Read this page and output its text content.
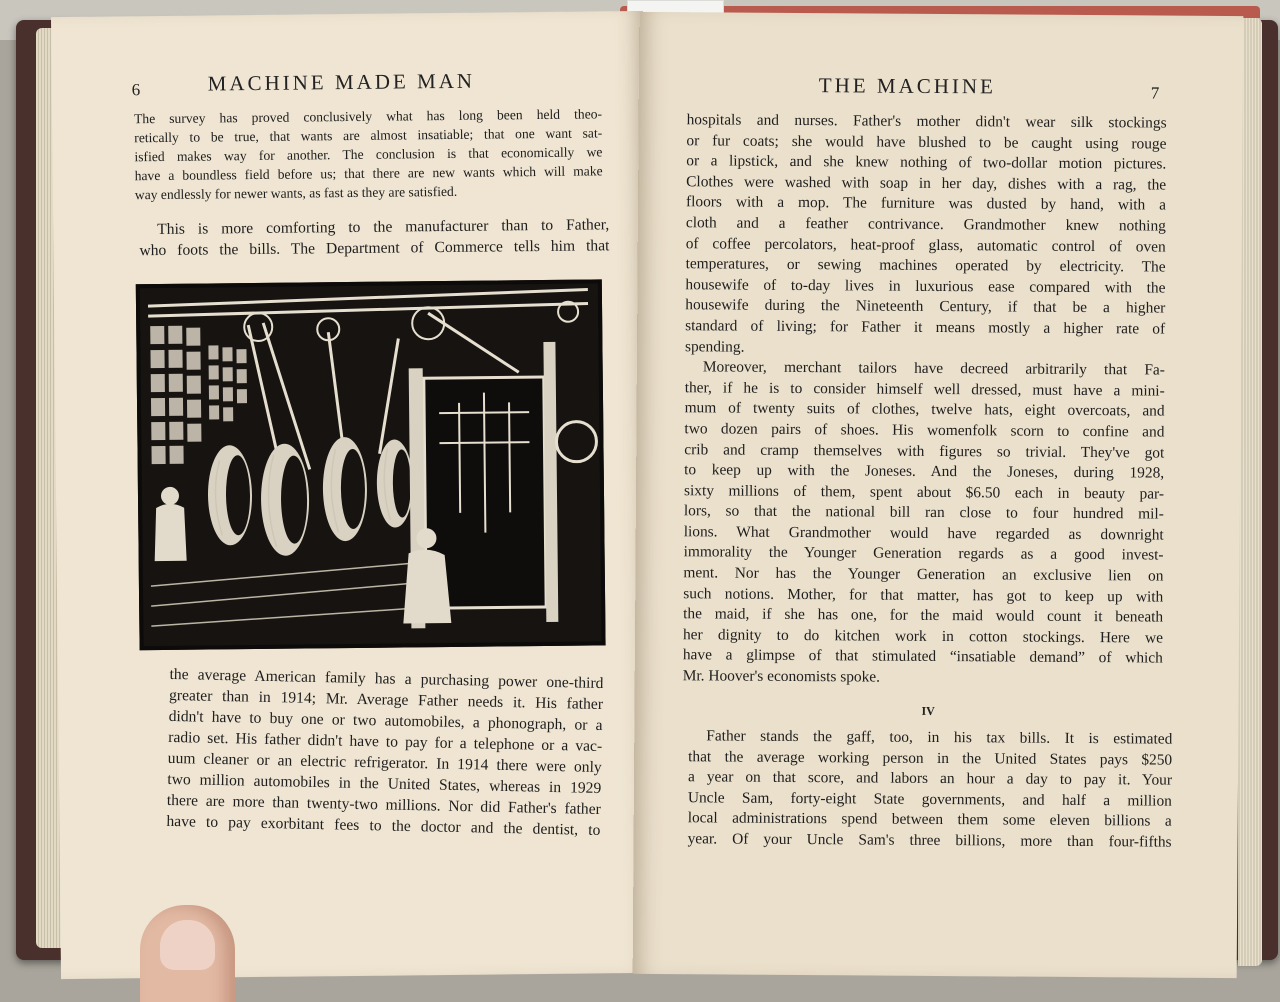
6	MACHINE MADE MAN
The survey has proved conclusively what has long been held theo-
retically to be true, that wants are almost insatiable; that one want sat-
isfied makes way for another. The conclusion is that economically we
have a boundless field before us; that there are new wants which will make
way endlessly for newer wants, as fast as they are satisfied.
This is more comforting to the manufacturer than to Father,
who foots the bills. The Department of Commerce tells him that
the average American family has a purchasing power one-third
greater than in 1914; Mr. Average Father needs it. His father
didn't have to buy one or two automobiles, a phonograph, or a
radio set. His father didn't have to pay for a telephone or a vac-
uum cleaner or an electric refrigerator. In 1914 there were only
two million automobiles in the United States, whereas in 1929
there are more than twenty-two millions. Nor did Father's father
have to pay exorbitant fees to the doctor and the dentist, to
THE MACHINE	7
hospitals and nurses. Father's mother didn't wear silk stockings
or fur coats; she would have blushed to be caught using rouge
or a lipstick, and she knew nothing of two-dollar motion pictures.
Clothes were washed with soap in her day, dishes with a rag, the
floors with a mop. The furniture was dusted by hand, with a
cloth and a feather contrivance. Grandmother knew nothing
of coffee percolators, heat-proof glass, automatic control of oven
temperatures, or sewing machines operated by electricity. The
housewife of to-day lives in luxurious ease compared with the
housewife during the Nineteenth Century, if that be a higher
standard of living; for Father it means mostly a higher rate of
spending.
Moreover, merchant tailors have decreed arbitrarily that Fa-
ther, if he is to consider himself well dressed, must have a mini-
mum of twenty suits of clothes, twelve hats, eight overcoats, and
two dozen pairs of shoes. His womenfolk scorn to confine and
crib and cramp themselves with figures so trivial. They've got
to keep up with the Joneses. And the Joneses, during 1928,
sixty millions of them, spent about $6.50 each in beauty par-
lors, so that the national bill ran close to four hundred mil-
lions. What Grandmother would have regarded as downright
immorality the Younger Generation regards as a good invest-
ment. Nor has the Younger Generation an exclusive lien on
such notions. Mother, for that matter, has got to keep up with
the maid, if she has one, for the maid would count it beneath
her dignity to do kitchen work in cotton stockings. Here we
have a glimpse of that stimulated “insatiable demand” of which
Mr. Hoover's economists spoke.
IV
Father stands the gaff, too, in his tax bills. It is estimated
that the average working person in the United States pays $250
a year on that score, and labors an hour a day to pay it. Your
Uncle Sam, forty-eight State governments, and half a million
local administrations spend between them some eleven billions a
year. Of your Uncle Sam's three billions, more than four-fifths
